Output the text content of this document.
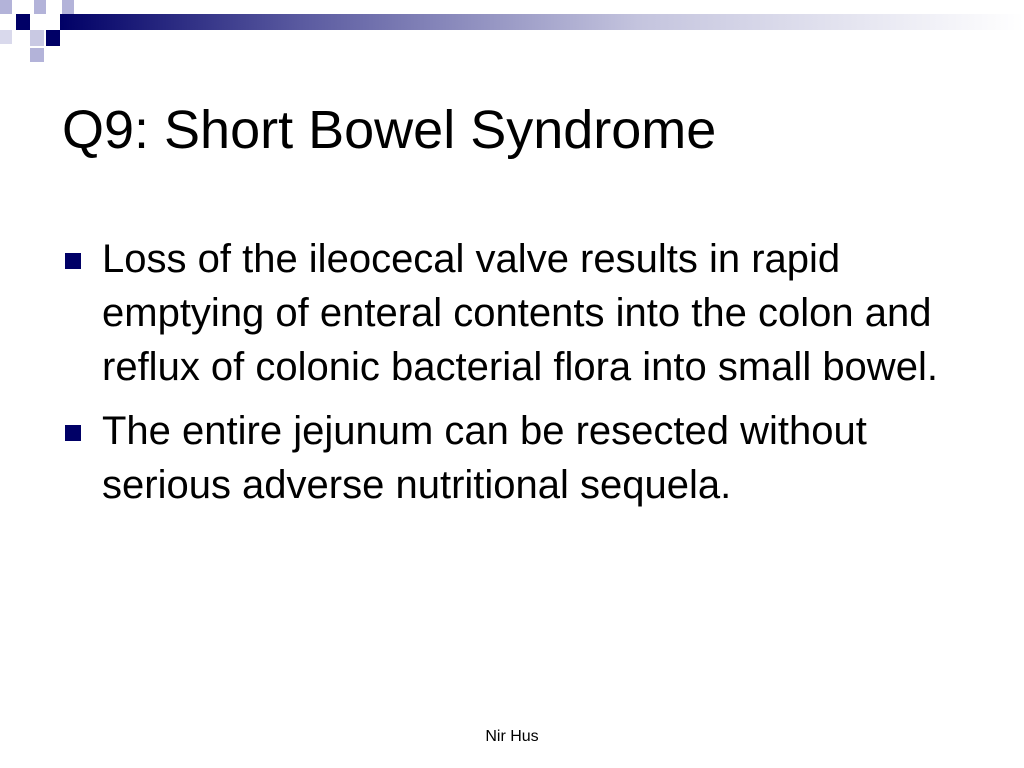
Q9: Short Bowel Syndrome
Loss of the ileocecal valve results in rapid emptying of enteral contents into the colon and reflux of colonic bacterial flora into small bowel.
The entire jejunum can be resected without serious adverse nutritional sequela.
Nir Hus
